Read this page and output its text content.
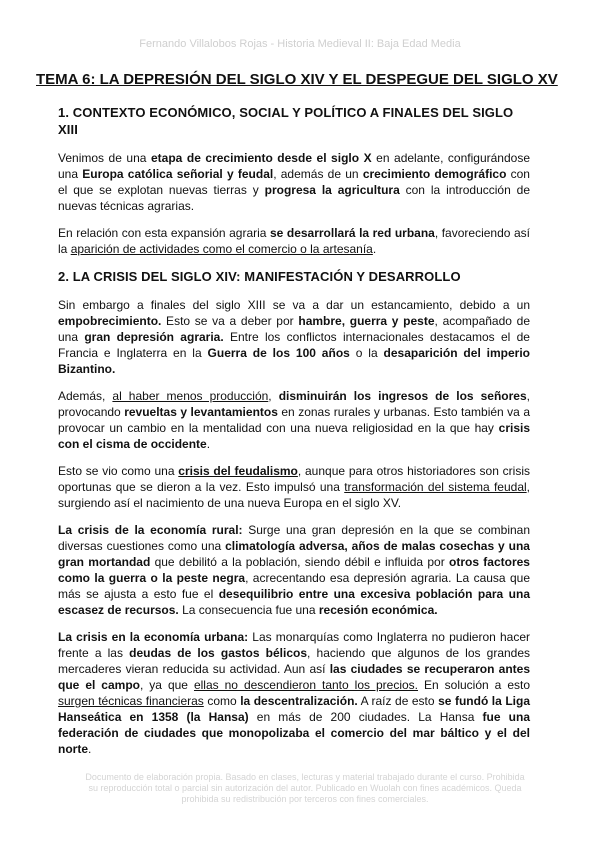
Fernando Villalobos Rojas - Historia Medieval II: Baja Edad Media
TEMA 6: LA DEPRESIÓN DEL SIGLO XIV Y EL DESPEGUE DEL SIGLO XV
1. CONTEXTO ECONÓMICO, SOCIAL Y POLÍTICO A FINALES DEL SIGLO XIII

Venimos de una etapa de crecimiento desde el siglo X en adelante, configurándose una Europa católica señorial y feudal, además de un crecimiento demográfico con el que se explotan nuevas tierras y progresa la agricultura con la introducción de nuevas técnicas agrarias.

En relación con esta expansión agraria se desarrollará la red urbana, favoreciendo así la aparición de actividades como el comercio o la artesanía.

2. LA CRISIS DEL SIGLO XIV: MANIFESTACIÓN Y DESARROLLO

Sin embargo a finales del siglo XIII se va a dar un estancamiento, debido a un empobrecimiento. Esto se va a deber por hambre, guerra y peste, acompañado de una gran depresión agraria. Entre los conflictos internacionales destacamos el de Francia e Inglaterra en la Guerra de los 100 años o la desaparición del imperio Bizantino.

Además, al haber menos producción, disminuirán los ingresos de los señores, provocando revueltas y levantamientos en zonas rurales y urbanas. Esto también va a provocar un cambio en la mentalidad con una nueva religiosidad en la que hay crisis con el cisma de occidente.

Esto se vio como una crisis del feudalismo, aunque para otros historiadores son crisis oportunas que se dieron a la vez. Esto impulsó una transformación del sistema feudal, surgiendo así el nacimiento de una nueva Europa en el siglo XV.

La crisis de la economía rural: Surge una gran depresión en la que se combinan diversas cuestiones como una climatología adversa, años de malas cosechas y una gran mortandad que debilitó a la población, siendo débil e influida por otros factores como la guerra o la peste negra, acrecentando esa depresión agraria. La causa que más se ajusta a esto fue el desequilibrio entre una excesiva población para una escasez de recursos. La consecuencia fue una recesión económica.

La crisis en la economía urbana: Las monarquías como Inglaterra no pudieron hacer frente a las deudas de los gastos bélicos, haciendo que algunos de los grandes mercaderes vieran reducida su actividad. Aun así las ciudades se recuperaron antes que el campo, ya que ellas no descendieron tanto los precios. En solución a esto surgen técnicas financieras como la descentralización. A raíz de esto se fundó la Liga Hanseática en 1358 (la Hansa) en más de 200 ciudades. La Hansa fue una federación de ciudades que monopolizaba el comercio del mar báltico y el del norte.

Documento de elaboración propia. Basado en clases, lecturas y material trabajado durante el curso. Prohibida su reproducción total o parcial sin autorización del autor. Publicado en Wuolah con fines académicos. Queda prohibida su redistribución por terceros con fines comerciales.
